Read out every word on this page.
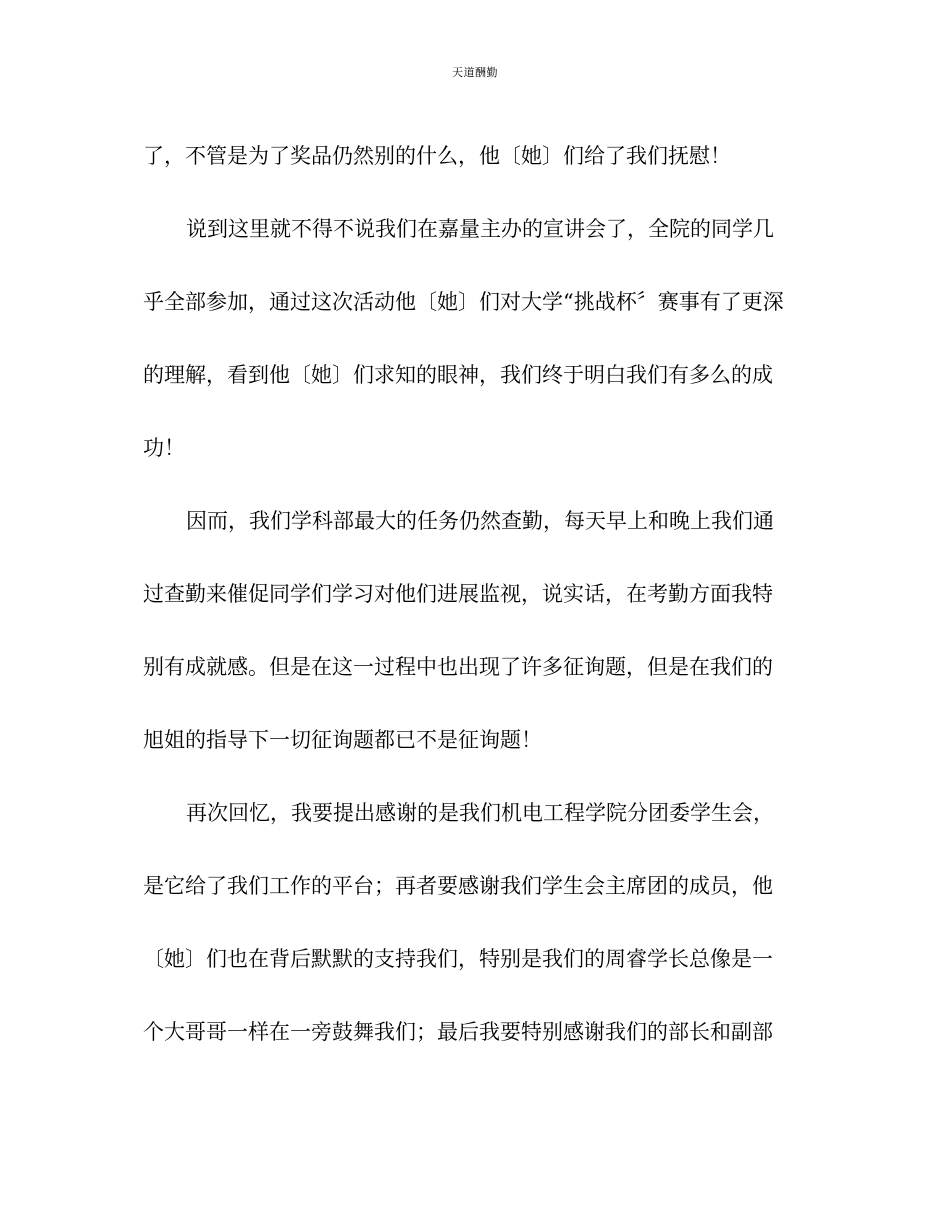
天道酬勤
了，不管是为了奖品仍然别的什么，他〔她〕们给了我们抚慰！
说到这里就不得不说我们在嘉量主办的宣讲会了，全院的同学几
乎全部参加，通过这次活动他〔她〕们对大学“挑战杯〞赛事有了更深
的理解，看到他〔她〕们求知的眼神，我们终于明白我们有多么的成
功！
因而，我们学科部最大的任务仍然查勤，每天早上和晚上我们通
过查勤来催促同学们学习对他们进展监视，说实话，在考勤方面我特
别有成就感。但是在这一过程中也出现了许多征询题，但是在我们的
旭姐的指导下一切征询题都已不是征询题！
再次回忆，我要提出感谢的是我们机电工程学院分团委学生会，
是它给了我们工作的平台；再者要感谢我们学生会主席团的成员，他
〔她〕们也在背后默默的支持我们，特别是我们的周睿学长总像是一
个大哥哥一样在一旁鼓舞我们；最后我要特别感谢我们的部长和副部
